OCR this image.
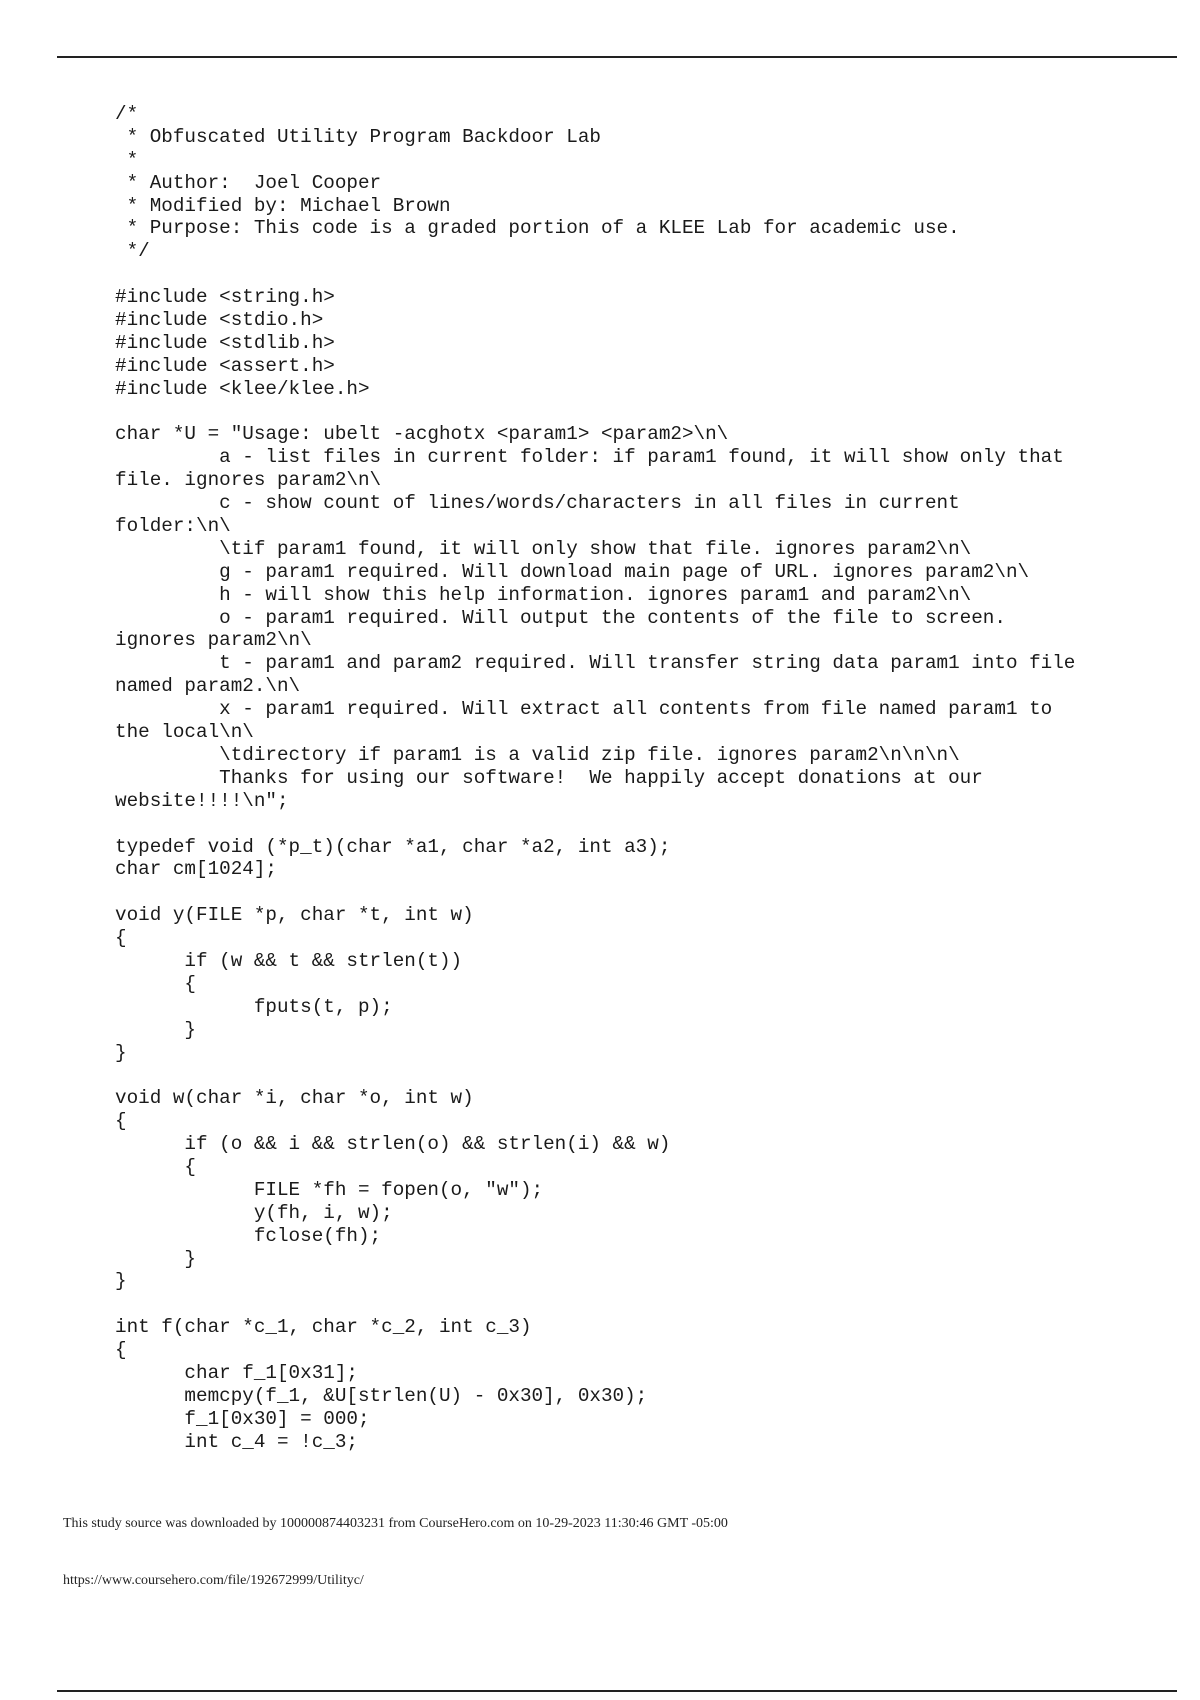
/*
* Obfuscated Utility Program Backdoor Lab
*
* Author:  Joel Cooper
* Modified by: Michael Brown
* Purpose: This code is a graded portion of a KLEE Lab for academic use.
*/
#include <string.h>
#include <stdio.h>
#include <stdlib.h>
#include <assert.h>
#include <klee/klee.h>
char *U = "Usage: ubelt -acghotx <param1> <param2>\n\
a - list files in current folder: if param1 found, it will show only that
file. ignores param2\n\
c - show count of lines/words/characters in all files in current
folder:\n\
\tif param1 found, it will only show that file. ignores param2\n\
g - param1 required. Will download main page of URL. ignores param2\n\
h - will show this help information. ignores param1 and param2\n\
o - param1 required. Will output the contents of the file to screen.
ignores param2\n\
t - param1 and param2 required. Will transfer string data param1 into file
named param2.\n\
x - param1 required. Will extract all contents from file named param1 to
the local\n\
\tdirectory if param1 is a valid zip file. ignores param2\n\n\n\
Thanks for using our software!  We happily accept donations at our
website!!!!\n";
typedef void (*p_t)(char *a1, char *a2, int a3);
char cm[1024];
void y(FILE *p, char *t, int w)
{
if (w && t && strlen(t))
{
fputs(t, p);
}
}
void w(char *i, char *o, int w)
{
if (o && i && strlen(o) && strlen(i) && w)
{
FILE *fh = fopen(o, "w");
y(fh, i, w);
fclose(fh);
}
}
int f(char *c_1, char *c_2, int c_3)
{
char f_1[0x31];
memcpy(f_1, &U[strlen(U) - 0x30], 0x30);
f_1[0x30] = 000;
int c_4 = !c_3;
This study source was downloaded by 100000874403231 from CourseHero.com on 10-29-2023 11:30:46 GMT -05:00
https://www.coursehero.com/file/192672999/Utilityc/
